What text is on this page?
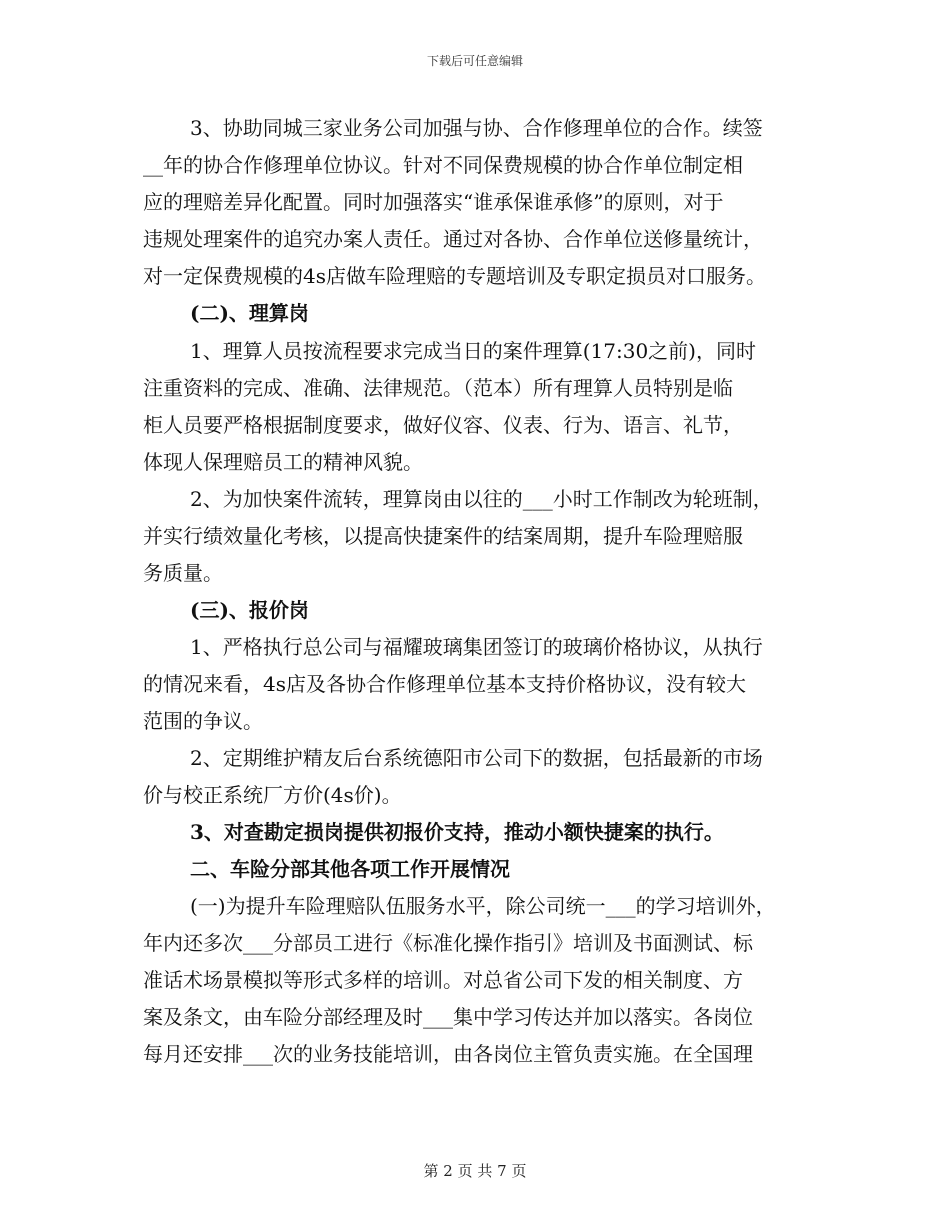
下载后可任意编辑
3、协助同城三家业务公司加强与协、合作修理单位的合作。续签
__年的协合作修理单位协议。针对不同保费规模的协合作单位制定相
应的理赔差异化配置。同时加强落实“谁承保谁承修”的原则，对于
违规处理案件的追究办案人责任。通过对各协、合作单位送修量统计，
对一定保费规模的4s店做车险理赔的专题培训及专职定损员对口服务。
(二)、理算岗
1、理算人员按流程要求完成当日的案件理算(17:30之前)，同时
注重资料的完成、准确、法律规范。（范本）所有理算人员特别是临
柜人员要严格根据制度要求，做好仪容、仪表、行为、语言、礼节，
体现人保理赔员工的精神风貌。
2、为加快案件流转，理算岗由以往的___小时工作制改为轮班制，
并实行绩效量化考核，以提高快捷案件的结案周期，提升车险理赔服
务质量。
(三)、报价岗
1、严格执行总公司与福耀玻璃集团签订的玻璃价格协议，从执行
的情况来看，4s店及各协合作修理单位基本支持价格协议，没有较大
范围的争议。
2、定期维护精友后台系统德阳市公司下的数据，包括最新的市场
价与校正系统厂方价(4s价)。
3、对查勘定损岗提供初报价支持，推动小额快捷案的执行。
二、车险分部其他各项工作开展情况
(一)为提升车险理赔队伍服务水平，除公司统一___的学习培训外，
年内还多次___分部员工进行《标准化操作指引》培训及书面测试、标
准话术场景模拟等形式多样的培训。对总省公司下发的相关制度、方
案及条文，由车险分部经理及时___集中学习传达并加以落实。各岗位
每月还安排___次的业务技能培训，由各岗位主管负责实施。在全国理
第 2 页 共 7 页
